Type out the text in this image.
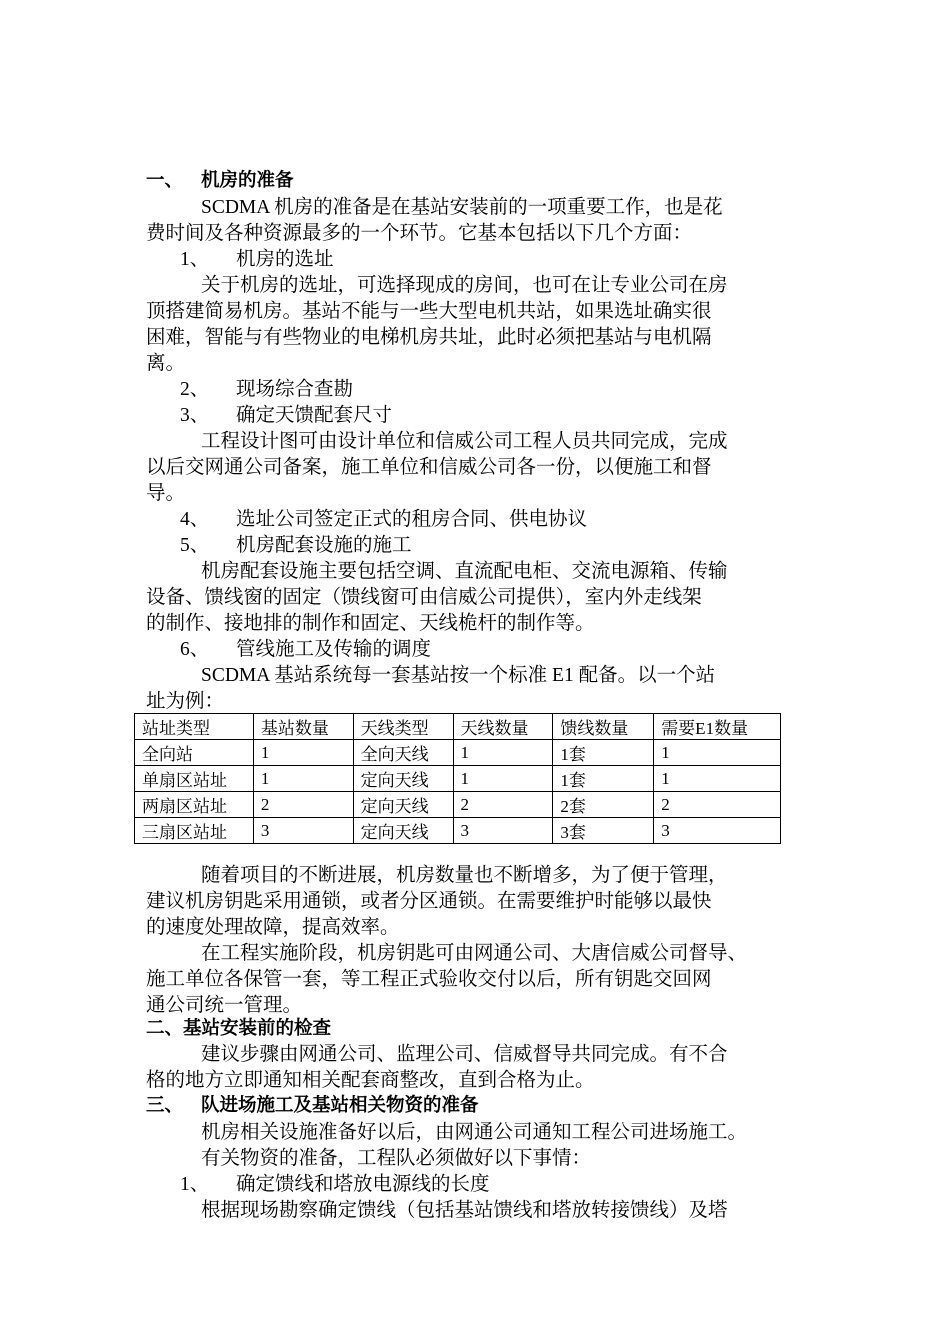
一、 机房的准备
SCDMA 机房的准备是在基站安装前的一项重要工作，也是花
费时间及各种资源最多的一个环节。它基本包括以下几个方面：
1、 机房的选址
关于机房的选址，可选择现成的房间，也可在让专业公司在房
顶搭建简易机房。基站不能与一些大型电机共站，如果选址确实很
困难，智能与有些物业的电梯机房共址，此时必须把基站与电机隔
离。
2、 现场综合查勘
3、 确定天馈配套尺寸
工程设计图可由设计单位和信威公司工程人员共同完成，完成
以后交网通公司备案，施工单位和信威公司各一份，以便施工和督
导。
4、 选址公司签定正式的租房合同、供电协议
5、 机房配套设施的施工
机房配套设施主要包括空调、直流配电柜、交流电源箱、传输
设备、馈线窗的固定（馈线窗可由信威公司提供），室内外走线架
的制作、接地排的制作和固定、天线桅杆的制作等。
6、 管线施工及传输的调度
SCDMA 基站系统每一套基站按一个标准 E1 配备。以一个站
址为例：
站址类型	基站数量	天线类型	天线数量	馈线数量	需要E1数量
全向站	1	全向天线	1	1套	1
单扇区站址	1	定向天线	1	1套	1
两扇区站址	2	定向天线	2	2套	2
三扇区站址	3	定向天线	3	3套	3
随着项目的不断进展，机房数量也不断增多，为了便于管理，
建议机房钥匙采用通锁，或者分区通锁。在需要维护时能够以最快
的速度处理故障，提高效率。
在工程实施阶段，机房钥匙可由网通公司、大唐信威公司督导、
施工单位各保管一套，等工程正式验收交付以后，所有钥匙交回网
通公司统一管理。
二、基站安装前的检查
建议步骤由网通公司、监理公司、信威督导共同完成。有不合
格的地方立即通知相关配套商整改，直到合格为止。
三、 队进场施工及基站相关物资的准备
机房相关设施准备好以后，由网通公司通知工程公司进场施工。
有关物资的准备，工程队必须做好以下事情：
1、 确定馈线和塔放电源线的长度
根据现场勘察确定馈线（包括基站馈线和塔放转接馈线）及塔
